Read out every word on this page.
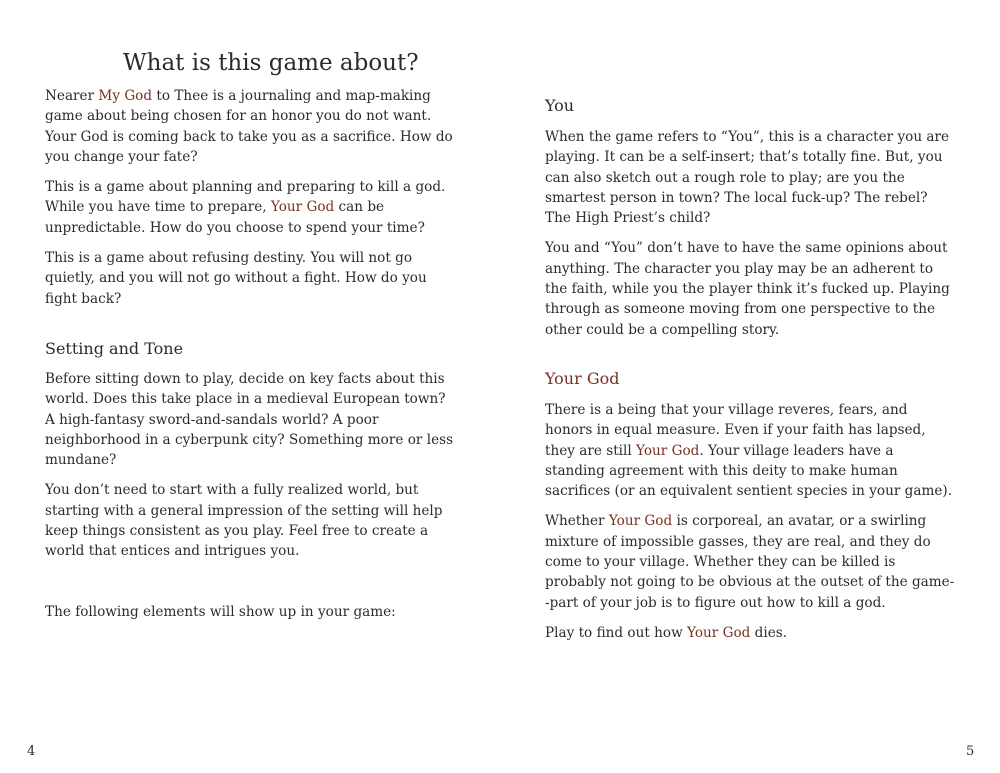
What is this game about?

Nearer My God to Thee is a journaling and map-making game about being chosen for an honor you do not want. Your God is coming back to take you as a sacrifice. How do you change your fate?

This is a game about planning and preparing to kill a god. While you have time to prepare, Your God can be unpredictable. How do you choose to spend your time?

This is a game about refusing destiny. You will not go quietly, and you will not go without a fight. How do you fight back?

Setting and Tone

Before sitting down to play, decide on key facts about this world. Does this take place in a medieval European town? A high-fantasy sword-and-sandals world? A poor neighborhood in a cyberpunk city? Something more or less mundane?

You don’t need to start with a fully realized world, but starting with a general impression of the setting will help keep things consistent as you play. Feel free to create a world that entices and intrigues you.

The following elements will show up in your game:

4
You

When the game refers to “You”, this is a character you are playing. It can be a self-insert; that’s totally fine. But, you can also sketch out a rough role to play; are you the smartest person in town? The local fuck-up? The rebel? The High Priest’s child?

You and “You” don’t have to have the same opinions about anything. The character you play may be an adherent to the faith, while you the player think it’s fucked up. Playing through as someone moving from one perspective to the other could be a compelling story.

Your God

There is a being that your village reveres, fears, and honors in equal measure. Even if your faith has lapsed, they are still Your God. Your village leaders have a standing agreement with this deity to make human sacrifices (or an equivalent sentient species in your game).

Whether Your God is corporeal, an avatar, or a swirling mixture of impossible gasses, they are real, and they do come to your village. Whether they can be killed is probably not going to be obvious at the outset of the game--part of your job is to figure out how to kill a god.

Play to find out how Your God dies.

5
